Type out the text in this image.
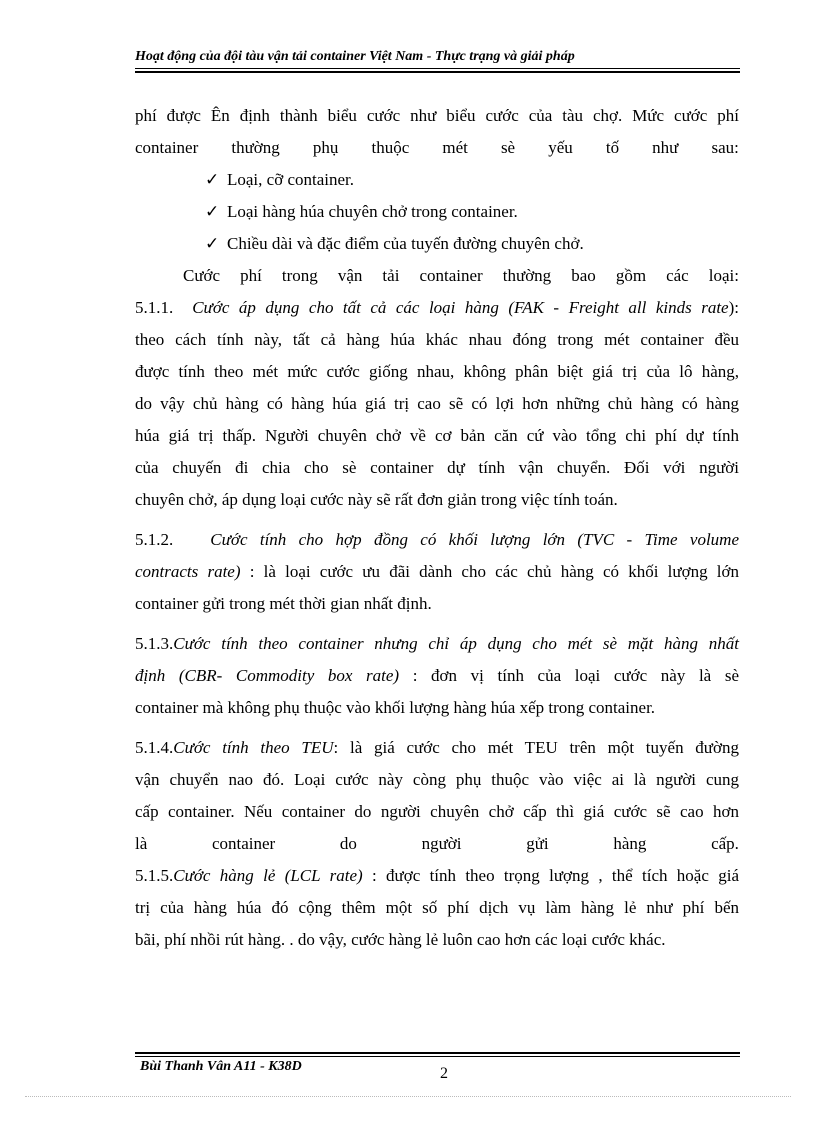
Hoạt động của đội tàu vận tải container Việt Nam - Thực trạng và giải pháp
phí được Ên định thành biểu cước như biểu cước của tàu chợ. Mức cước phí
container thường phụ thuộc mét sè yếu tố như sau:
✓ Loại, cỡ container.
✓ Loại hàng húa chuyên chở trong container.
✓ Chiều dài và đặc điểm của tuyến đường chuyên chở.
Cước phí trong vận tải container thường bao gồm các loại:
5.1.1. Cước áp dụng cho tất cả các loại hàng (FAK - Freight all kinds rate):
theo cách tính này, tất cả hàng húa khác nhau đóng trong mét container đều
được tính theo mét mức cước giống nhau, không phân biệt giá trị của lô hàng,
do vậy chủ hàng có hàng húa giá trị cao sẽ có lợi hơn những chủ hàng có hàng
húa giá trị thấp. Người chuyên chở về cơ bản căn cứ vào tổng chi phí dự tính
của chuyến đi chia cho sè container dự tính vận chuyển. Đối với người
chuyên chở, áp dụng loại cước này sẽ rất đơn giản trong việc tính toán.
5.1.2. Cước tính cho hợp đồng có khối lượng lớn (TVC - Time volume
contracts rate) : là loại cước ưu đãi dành cho các chủ hàng có khối lượng lớn
container gửi trong mét thời gian nhất định.
5.1.3.Cước tính theo container nhưng chỉ áp dụng cho mét sè mặt hàng nhất
định (CBR- Commodity box rate) : đơn vị tính của loại cước này là sè
container mà không phụ thuộc vào khối lượng hàng húa xếp trong container.
5.1.4.Cước tính theo TEU: là giá cước cho mét TEU trên một tuyến đường
vận chuyển nao đó. Loại cước này còng phụ thuộc vào việc ai là người cung
cấp container. Nếu container do người chuyên chở cấp thì giá cước sẽ cao hơn
là	container	do	người	gửi	hàng	cấp.
5.1.5.Cước hàng lẻ (LCL rate) : được tính theo trọng lượng , thể tích hoặc giá
trị của hàng húa đó cộng thêm một số phí dịch vụ làm hàng lẻ như phí bến
bãi, phí nhồi rút hàng. . do vậy, cước hàng lẻ luôn cao hơn các loại cước khác.
Bùi Thanh Vân A11 - K38D	2
